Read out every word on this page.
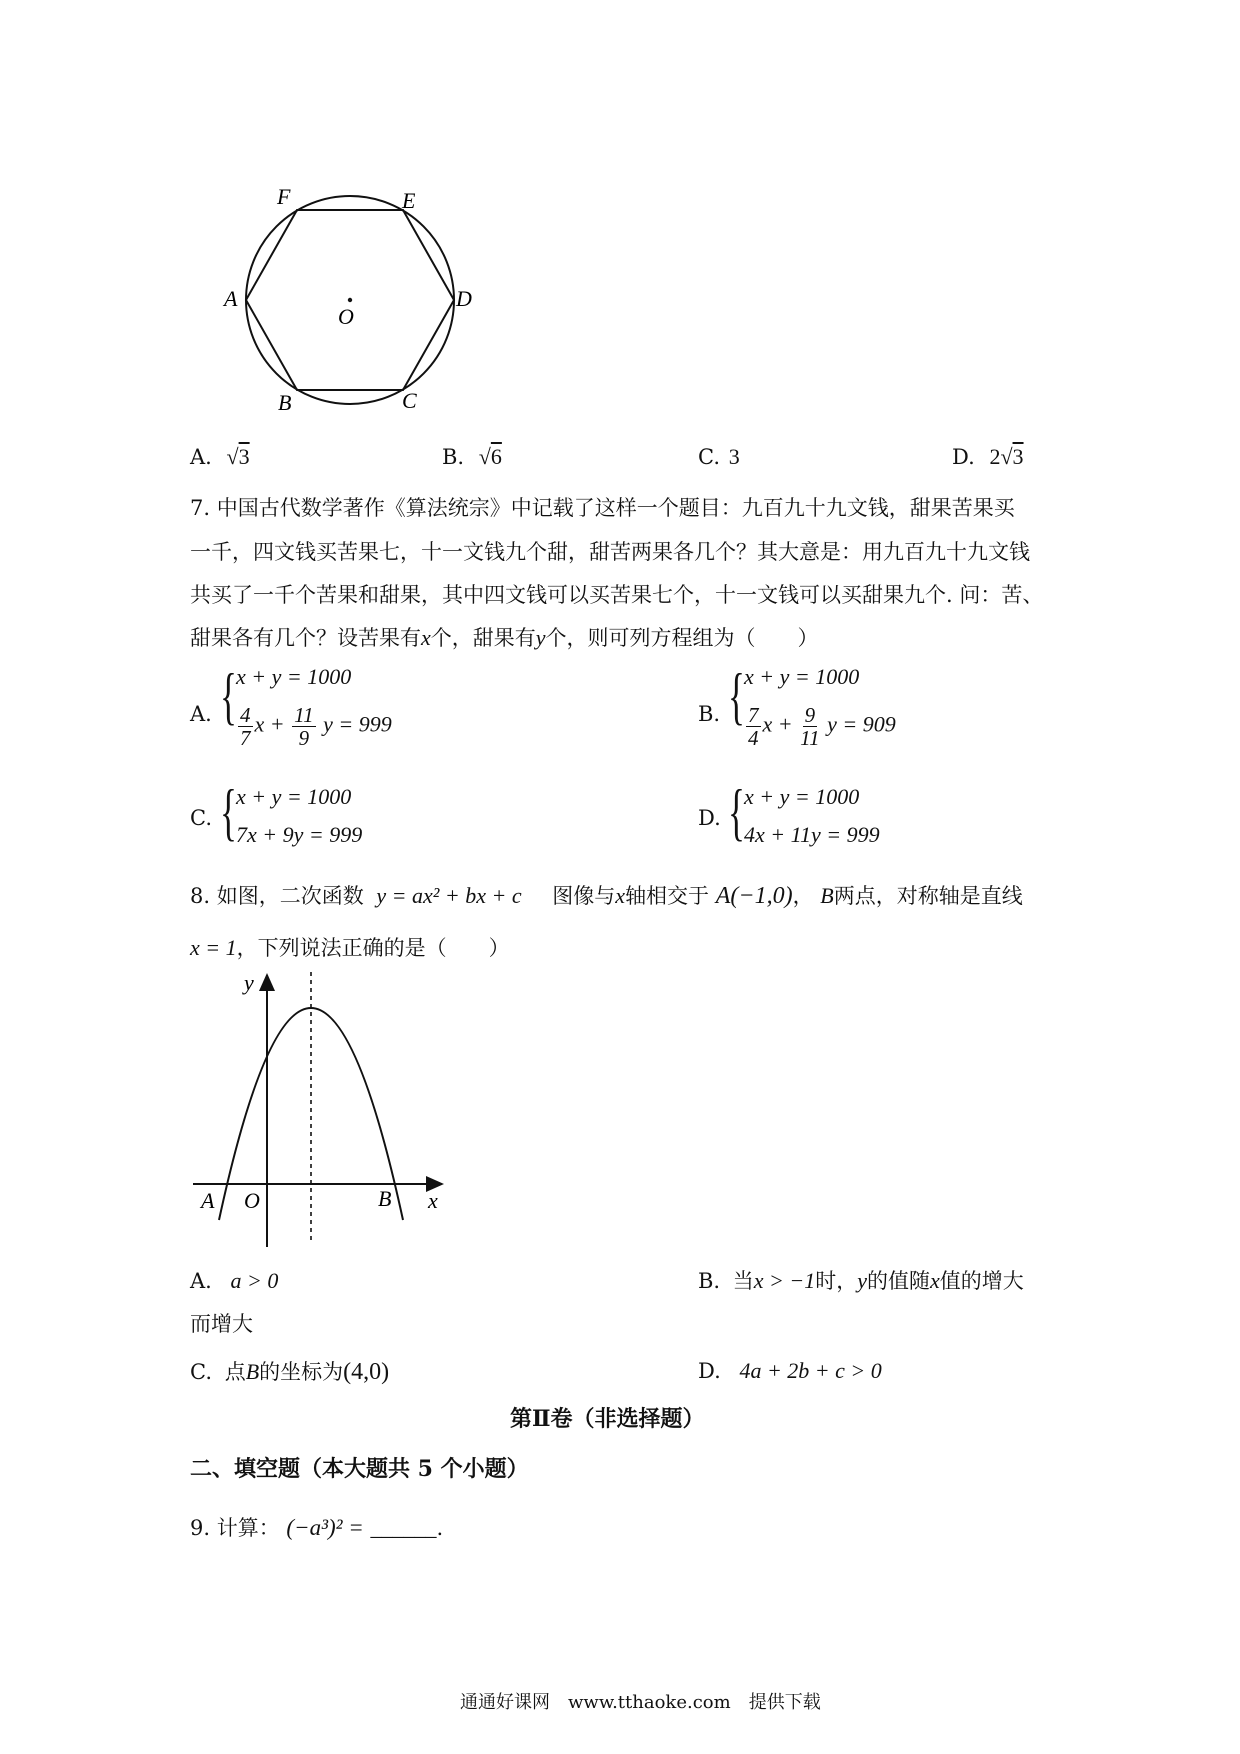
F	E
A	D
O
B	C
A. √3	B. √6	C. 3	D. 2√3
7. 中国古代数学著作《算法统宗》中记载了这样一个题目：九百九十九文钱，甜果苦果买
一千，四文钱买苦果七，十一文钱九个甜，甜苦两果各几个？其大意是：用九百九十九文钱
共买了一千个苦果和甜果，其中四文钱可以买苦果七个，十一文钱可以买甜果九个. 问：苦、
甜果各有几个？设苦果有x个，甜果有y个，则可列方程组为（　　）
A. { x + y = 1000
$\frac{4}{7}$ $x + \frac{11}{9}$ y = 999	B. { x + y = 1000
$\frac{7}{4}$ $x + \frac{9}{11}$ y = 909
C. { x + y = 1000
7x + 9y = 999
D. { x + y = 1000
4x + 11y = 999
8. 如图，二次函数 y = ax² + bx + c 图像与x轴相交于 A(−1,0)， B两点，对称轴是直线
x = 1，下列说法正确的是（　　）
y
x
A O	B
A. a > 0	B. 当x > −1时，y的值随x值的增大
而增大
C. 点B的坐标为(4,0)	D. 4a + 2b + c > 0
第Ⅱ卷（非选择题）
二、填空题（本大题共 5 个小题）
9. 计算： (−a³)² = ______.
通通好课网　www.tthaoke.com　提供下载
